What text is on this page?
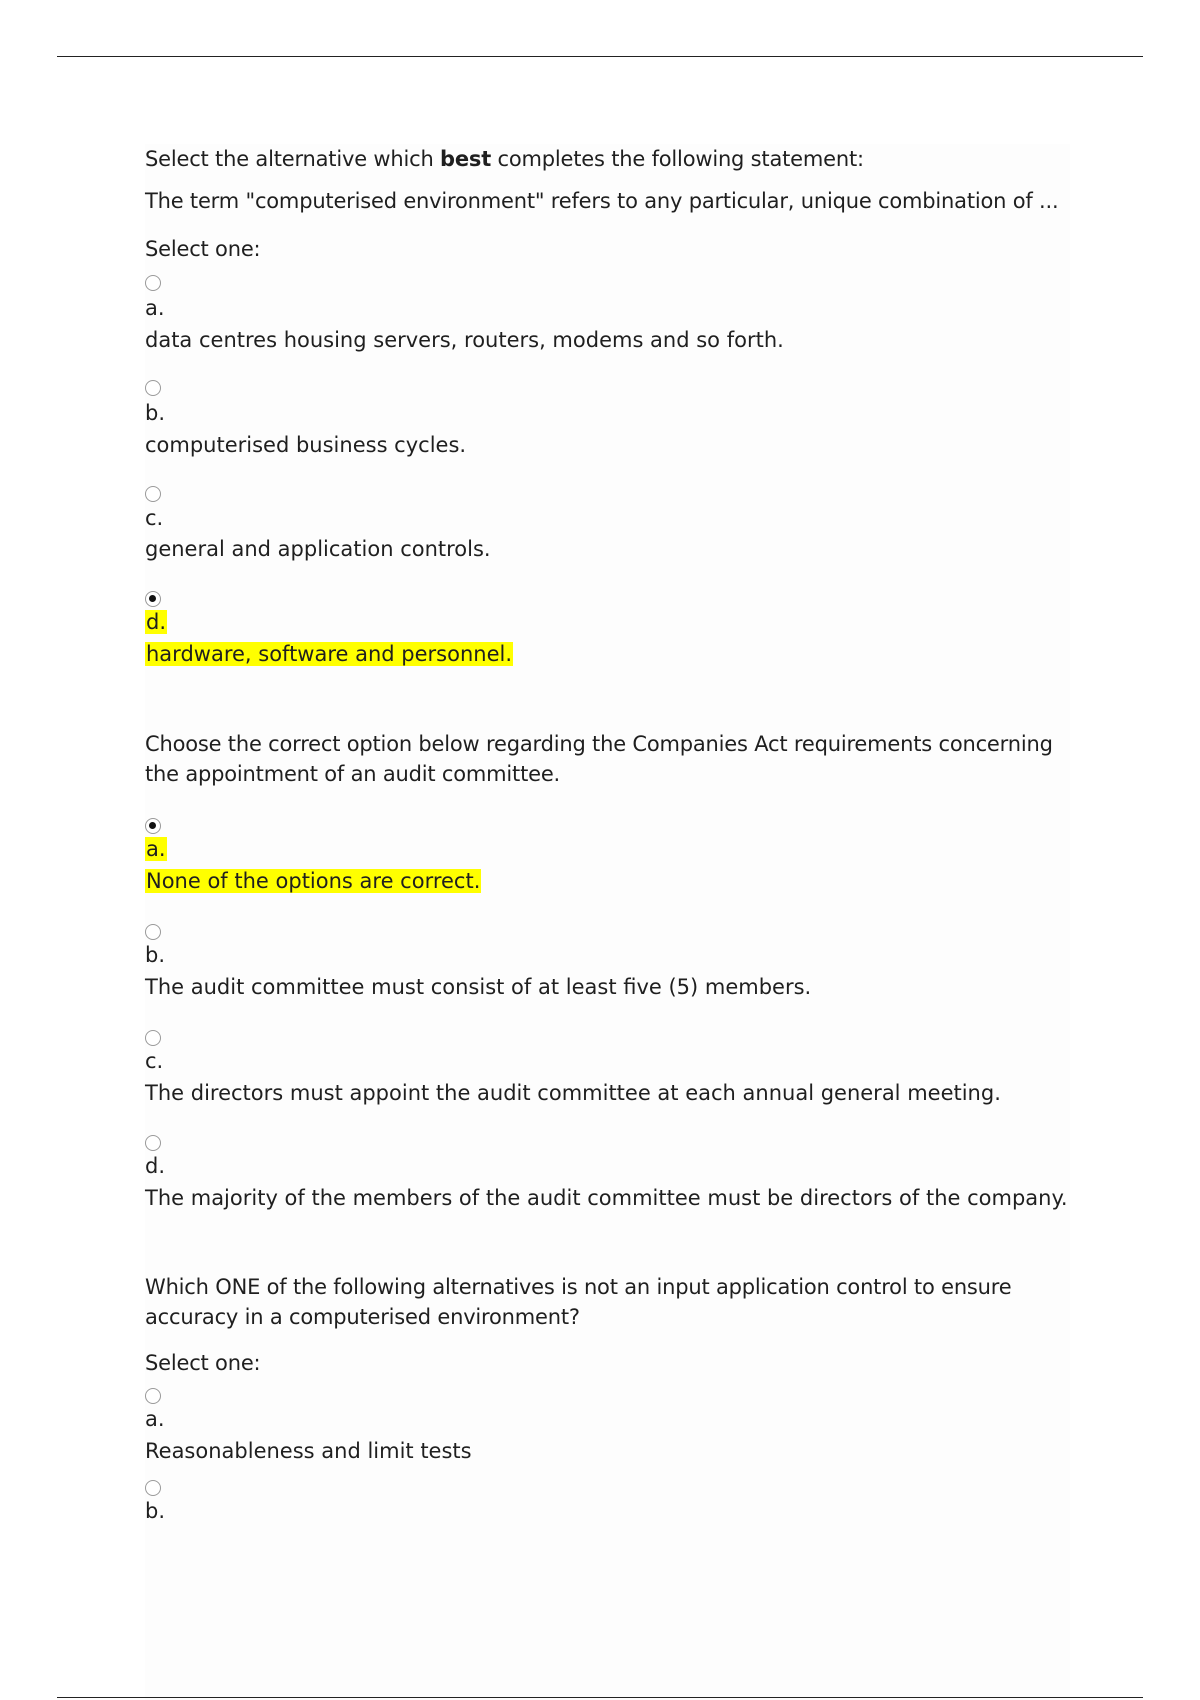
Select the alternative which best completes the following statement:

The term "computerised environment" refers to any particular, unique combination of ...

Select one:

a.

data centres housing servers, routers, modems and so forth.

b.

computerised business cycles.

c.

general and application controls.

d.

hardware, software and personnel.

Choose the correct option below regarding the Companies Act requirements concerning

the appointment of an audit committee.

a.

None of the options are correct.

b.

The audit committee must consist of at least five (5) members.

c.

The directors must appoint the audit committee at each annual general meeting.

d.

The majority of the members of the audit committee must be directors of the company.

Which ONE of the following alternatives is not an input application control to ensure

accuracy in a computerised environment?

Select one:

a.

Reasonableness and limit tests

b.
